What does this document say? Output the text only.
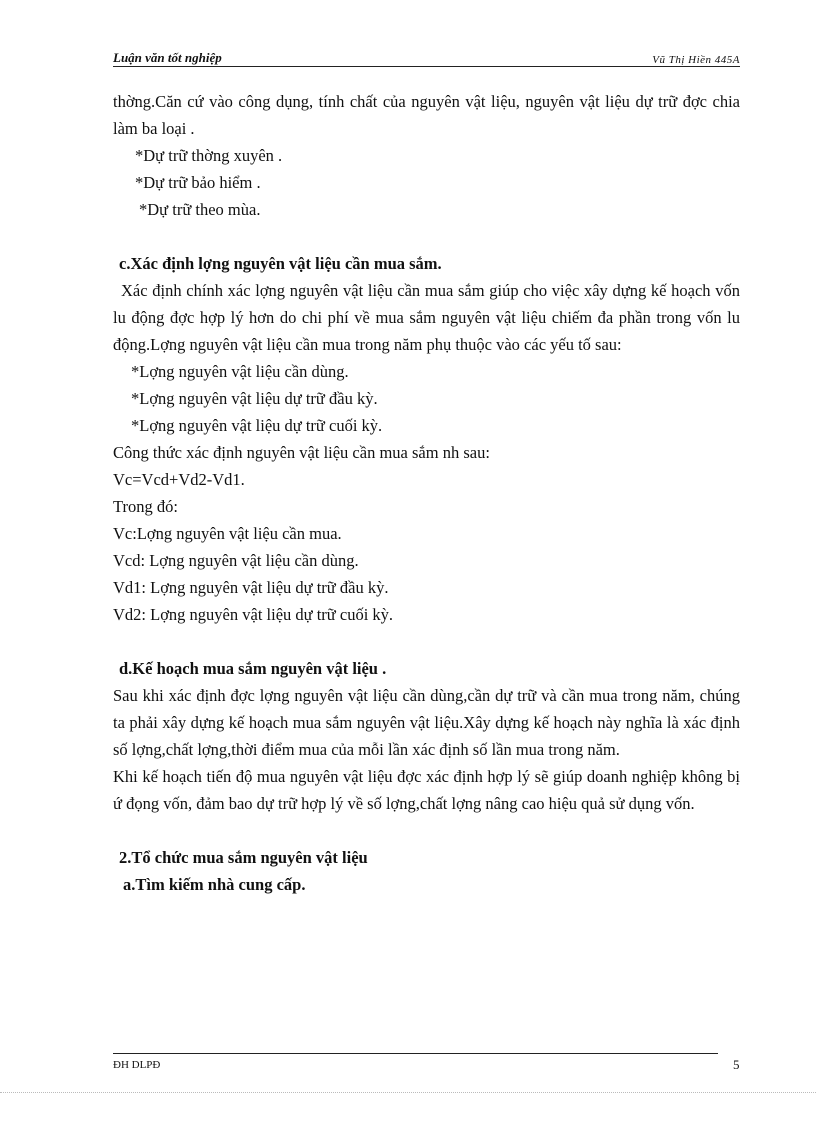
Luận văn tốt nghiệp	Vũ Thị Hiền 445A

thờng.Căn cứ vào công dụng, tính chất của nguyên vật liệu, nguyên vật liệu dự trữ đợc chia làm ba loại .

*Dự trữ thờng xuyên .

*Dự trữ bảo hiểm .

*Dự trữ theo mùa.

c.Xác định lợng nguyên vật liệu cần mua sắm.

Xác định chính xác lợng nguyên vật liệu cần mua sắm giúp cho việc xây dựng kế hoạch vốn lu động đợc hợp lý hơn do chi phí về mua sắm nguyên vật liệu chiếm đa phần trong vốn lu động.Lợng nguyên vật liệu cần mua trong năm phụ thuộc vào các yếu tố sau:

*Lợng nguyên vật liệu cần dùng.

*Lợng nguyên vật liệu dự trữ đầu kỳ.

*Lợng nguyên vật liệu dự trữ cuối kỳ.

Công thức xác định nguyên vật liệu cần mua sắm nh sau:

Vc=Vcd+Vd2-Vd1.

Trong đó:

Vc:Lợng nguyên vật liệu cần mua.

Vcd: Lợng nguyên vật liệu cần dùng.

Vd1: Lợng nguyên vật liệu dự trữ đầu kỳ.

Vd2: Lợng nguyên vật liệu dự trữ cuối kỳ.

d.Kế hoạch mua sắm nguyên vật liệu .

Sau khi xác định đợc lợng nguyên vật liệu cần dùng,cần dự trữ và cần mua trong năm, chúng ta phải xây dựng kế hoạch mua sắm nguyên vật liệu.Xây dựng kế hoạch này nghĩa là xác định số lợng,chất lợng,thời điểm mua của mỗi lần xác định số lần mua trong năm.

Khi kế hoạch tiến độ mua nguyên vật liệu đợc xác định hợp lý sẽ giúp doanh nghiệp không bị ứ đọng vốn, đảm bao dự trữ hợp lý về số lợng,chất lợng nâng cao hiệu quả sử dụng vốn.

2.Tổ chức mua sắm nguyên vật liệu

a.Tìm kiếm nhà cung cấp.

ĐH DLPĐ	5
